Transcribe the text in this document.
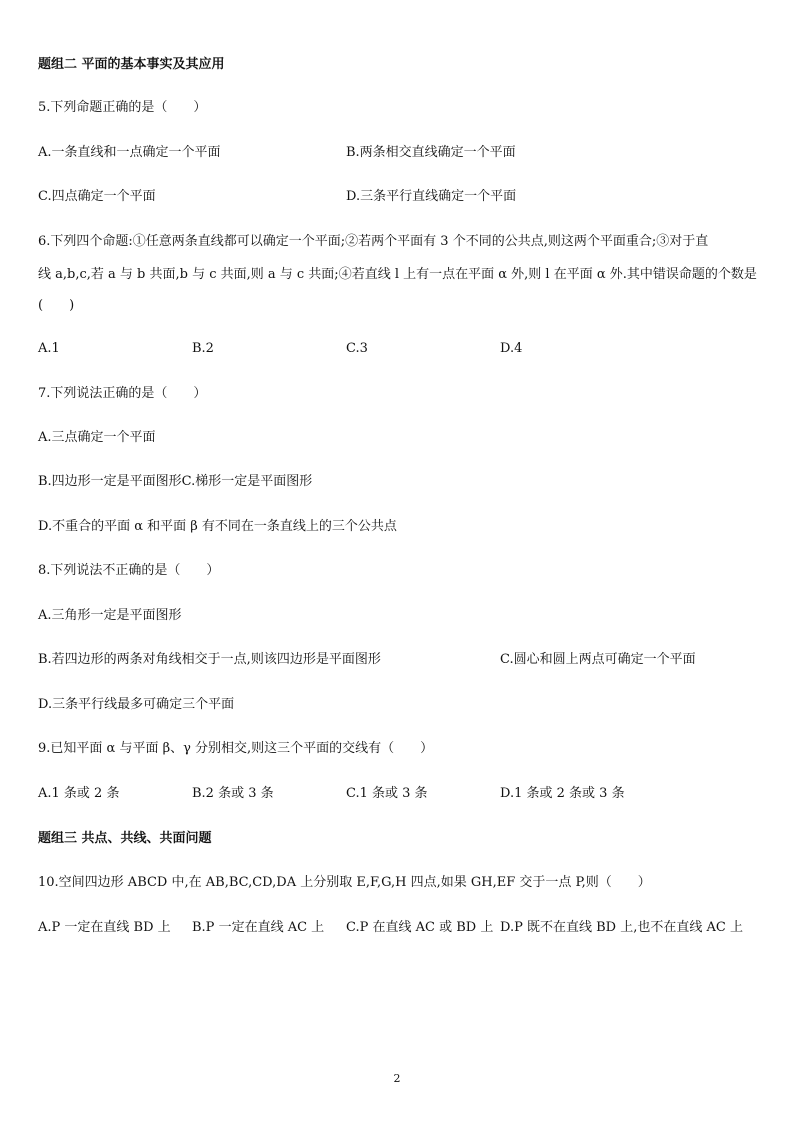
题组二 平面的基本事实及其应用
5.下列命题正确的是（　　）
A.一条直线和一点确定一个平面	B.两条相交直线确定一个平面
C.四点确定一个平面	D.三条平行直线确定一个平面
6.下列四个命题:①任意两条直线都可以确定一个平面;②若两个平面有 3 个不同的公共点,则这两个平面重合;③对于直
线 a,b,c,若 a 与 b 共面,b 与 c 共面,则 a 与 c 共面;④若直线 l 上有一点在平面 α 外,则 l 在平面 α 外.其中错误命题的个数是
(　　)
A.1	B.2	C.3	D.4
7.下列说法正确的是（　　）
A.三点确定一个平面
B.四边形一定是平面图形C.梯形一定是平面图形
D.不重合的平面 α 和平面 β 有不同在一条直线上的三个公共点
8.下列说法不正确的是（　　）
A.三角形一定是平面图形
B.若四边形的两条对角线相交于一点,则该四边形是平面图形	C.圆心和圆上两点可确定一个平面
D.三条平行线最多可确定三个平面
9.已知平面 α 与平面 β、γ 分别相交,则这三个平面的交线有（　　）
A.1 条或 2 条	B.2 条或 3 条	C.1 条或 3 条	D.1 条或 2 条或 3 条
题组三 共点、共线、共面问题
10.空间四边形 ABCD 中,在 AB,BC,CD,DA 上分别取 E,F,G,H 四点,如果 GH,EF 交于一点 P,则（　　）
A.P 一定在直线 BD 上 B.P 一定在直线 AC 上 C.P 在直线 AC 或 BD 上 D.P 既不在直线 BD 上,也不在直线 AC 上
2
